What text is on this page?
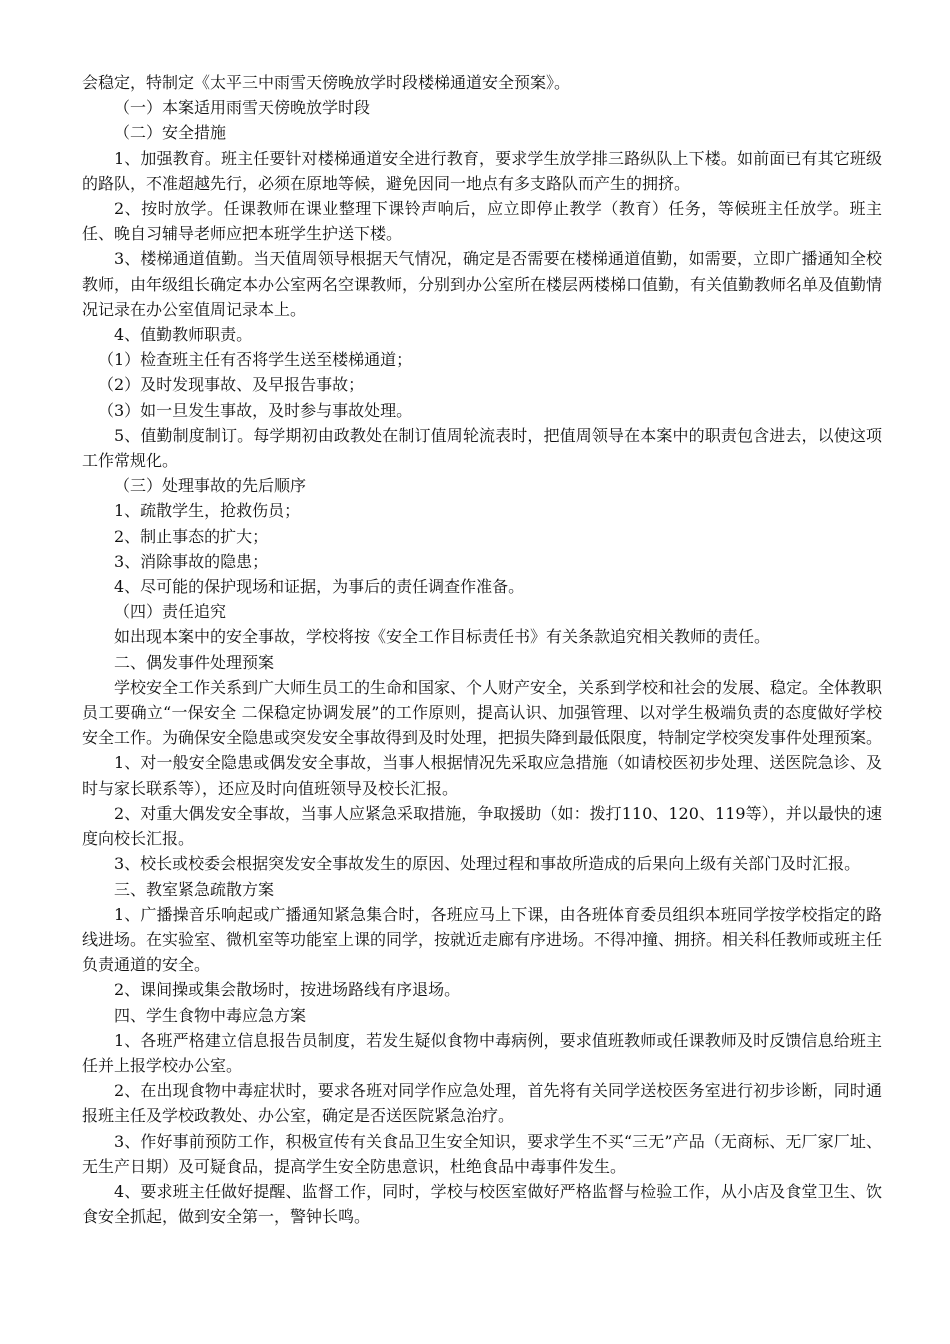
会稳定，特制定《太平三中雨雪天傍晚放学时段楼梯通道安全预案》。

（一）本案适用雨雪天傍晚放学时段

（二）安全措施

1、加强教育。班主任要针对楼梯通道安全进行教育，要求学生放学排三路纵队上下楼。如前面已有其它班级的路队，不准超越先行，必须在原地等候，避免因同一地点有多支路队而产生的拥挤。

2、按时放学。任课教师在课业整理下课铃声响后，应立即停止教学（教育）任务，等候班主任放学。班主任、晚自习辅导老师应把本班学生护送下楼。

3、楼梯通道值勤。当天值周领导根据天气情况，确定是否需要在楼梯通道值勤，如需要，立即广播通知全校教师，由年级组长确定本办公室两名空课教师，分别到办公室所在楼层两楼梯口值勤，有关值勤教师名单及值勤情况记录在办公室值周记录本上。

4、值勤教师职责。

（1）检查班主任有否将学生送至楼梯通道；

（2）及时发现事故、及早报告事故；

（3）如一旦发生事故，及时参与事故处理。

5、值勤制度制订。每学期初由政教处在制订值周轮流表时，把值周领导在本案中的职责包含进去，以使这项工作常规化。

（三）处理事故的先后顺序

1、疏散学生，抢救伤员；

2、制止事态的扩大；

3、消除事故的隐患；

4、尽可能的保护现场和证据，为事后的责任调查作准备。

（四）责任追究

如出现本案中的安全事故，学校将按《安全工作目标责任书》有关条款追究相关教师的责任。

二、偶发事件处理预案

学校安全工作关系到广大师生员工的生命和国家、个人财产安全，关系到学校和社会的发展、稳定。全体教职员工要确立“一保安全 二保稳定协调发展”的工作原则，提高认识、加强管理、以对学生极端负责的态度做好学校安全工作。为确保安全隐患或突发安全事故得到及时处理，把损失降到最低限度，特制定学校突发事件处理预案。

1、对一般安全隐患或偶发安全事故，当事人根据情况先采取应急措施（如请校医初步处理、送医院急诊、及时与家长联系等），还应及时向值班领导及校长汇报。

2、对重大偶发安全事故，当事人应紧急采取措施，争取援助（如：拨打110、120、119等），并以最快的速度向校长汇报。

3、校长或校委会根据突发安全事故发生的原因、处理过程和事故所造成的后果向上级有关部门及时汇报。

三、教室紧急疏散方案

1、广播操音乐响起或广播通知紧急集合时，各班应马上下课，由各班体育委员组织本班同学按学校指定的路线进场。在实验室、微机室等功能室上课的同学，按就近走廊有序进场。不得冲撞、拥挤。相关科任教师或班主任负责通道的安全。

2、课间操或集会散场时，按进场路线有序退场。

四、学生食物中毒应急方案

1、各班严格建立信息报告员制度，若发生疑似食物中毒病例，要求值班教师或任课教师及时反馈信息给班主任并上报学校办公室。

2、在出现食物中毒症状时，要求各班对同学作应急处理，首先将有关同学送校医务室进行初步诊断，同时通报班主任及学校政教处、办公室，确定是否送医院紧急治疗。

3、作好事前预防工作，积极宣传有关食品卫生安全知识，要求学生不买“三无”产品（无商标、无厂家厂址、无生产日期）及可疑食品，提高学生安全防患意识，杜绝食品中毒事件发生。

4、要求班主任做好提醒、监督工作，同时，学校与校医室做好严格监督与检验工作，从小店及食堂卫生、饮食安全抓起，做到安全第一，警钟长鸣。
